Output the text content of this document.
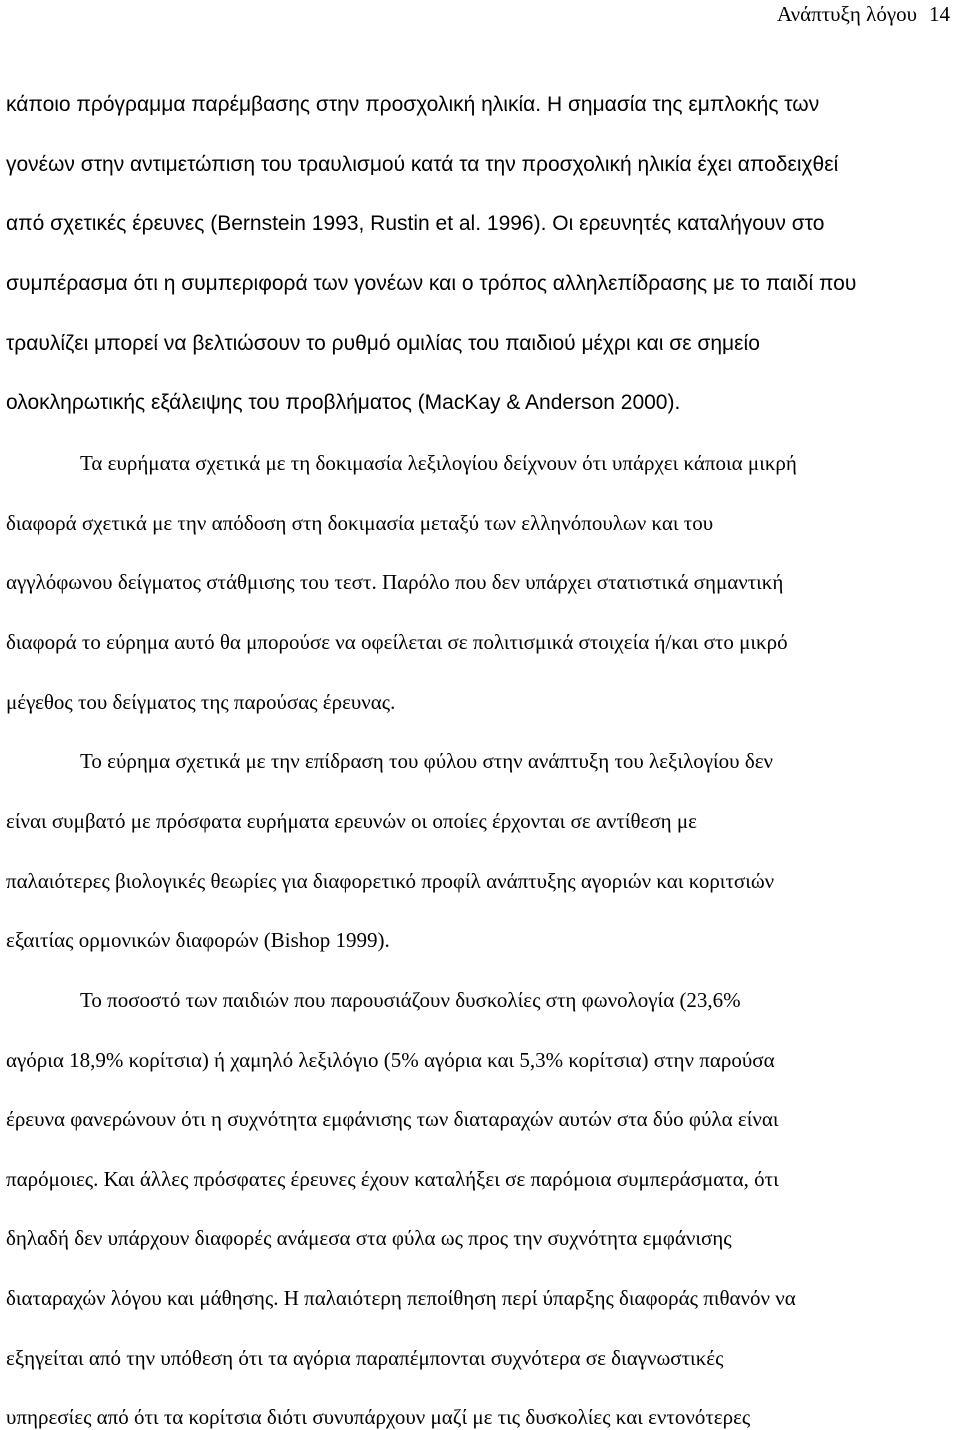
Ανάπτυξη λόγου 14
κάποιο πρόγραμμα παρέμβασης στην προσχολική ηλικία. Η σημασία της εμπλοκής των
γονέων στην αντιμετώπιση του τραυλισμού κατά τα την προσχολική ηλικία έχει αποδειχθεί
από σχετικές έρευνες (Bernstein 1993, Rustin et al. 1996). Οι ερευνητές καταλήγουν στο
συμπέρασμα ότι η συμπεριφορά των γονέων και ο τρόπος αλληλεπίδρασης με το παιδί που
τραυλίζει μπορεί να βελτιώσουν το ρυθμό ομιλίας του παιδιού μέχρι και σε σημείο
ολοκληρωτικής εξάλειψης του προβλήματος (MacKay & Anderson 2000).
Τα ευρήματα σχετικά με τη δοκιμασία λεξιλογίου δείχνουν ότι υπάρχει κάποια μικρή
διαφορά σχετικά με την απόδοση στη δοκιμασία μεταξύ των ελληνόπουλων και του
αγγλόφωνου δείγματος στάθμισης του τεστ. Παρόλο που δεν υπάρχει στατιστικά σημαντική
διαφορά το εύρημα αυτό θα μπορούσε να οφείλεται σε πολιτισμικά στοιχεία ή/και στο μικρό
μέγεθος του δείγματος της παρούσας έρευνας.
Το εύρημα σχετικά με την επίδραση του φύλου στην ανάπτυξη του λεξιλογίου δεν
είναι συμβατό με πρόσφατα ευρήματα ερευνών οι οποίες έρχονται σε αντίθεση με
παλαιότερες βιολογικές θεωρίες για διαφορετικό προφίλ ανάπτυξης αγοριών και κοριτσιών
εξαιτίας ορμονικών διαφορών (Bishop 1999).
Το ποσοστό των παιδιών που παρουσιάζουν δυσκολίες στη φωνολογία (23,6%
αγόρια 18,9% κορίτσια) ή χαμηλό λεξιλόγιο (5% αγόρια και 5,3% κορίτσια) στην παρούσα
έρευνα φανερώνουν ότι η συχνότητα εμφάνισης των διαταραχών αυτών στα δύο φύλα είναι
παρόμοιες. Και άλλες πρόσφατες έρευνες έχουν καταλήξει σε παρόμοια συμπεράσματα, ότι
δηλαδή δεν υπάρχουν διαφορές ανάμεσα στα φύλα ως προς την συχνότητα εμφάνισης
διαταραχών λόγου και μάθησης. Η παλαιότερη πεποίθηση περί ύπαρξης διαφοράς πιθανόν να
εξηγείται από την υπόθεση ότι τα αγόρια παραπέμπονται συχνότερα σε διαγνωστικές
υπηρεσίες από ότι τα κορίτσια διότι συνυπάρχουν μαζί με τις δυσκολίες και εντονότερες
